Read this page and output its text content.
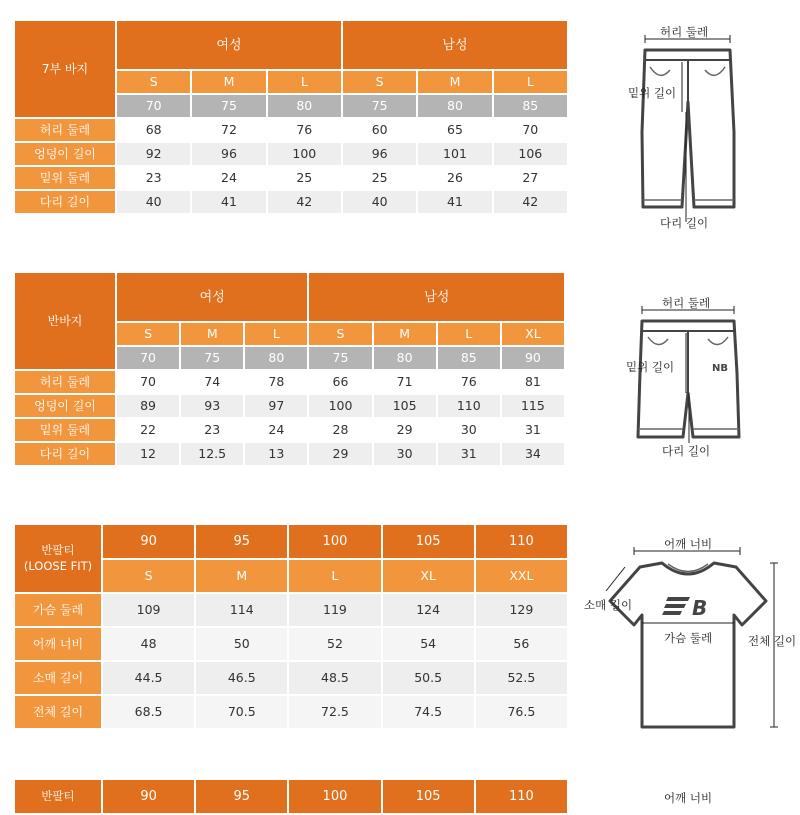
7부 바지	여성			남성		
	S	M	L	S	M	L
	70	75	80	75	80	85
허리 둘레	68	72	76	60	65	70
엉덩이 길이	92	96	100	96	101	106
밑위 둘레	23	24	25	25	26	27
다리 길이	40	41	42	40	41	42
허리 둘레
밑위 길이
다리 길이
반바지	여성			남성			
	S	M	L	S	M	L	XL
	70	75	80	75	80	85	90
허리 둘레	70	74	78	66	71	76	81
엉덩이 길이	89	93	97	100	105	110	115
밑위 둘레	22	23	24	28	29	30	31
다리 길이	12	12.5	13	29	30	31	34
NB
허리 둘레
밑위 길이
다리 길이
반팔티
(LOOSE FIT)	90	95	100	105	110
	S	M	L	XL	XXL
가슴 둘레	109	114	119	124	129
어깨 너비	48	50	52	54	56
소매 길이	44.5	46.5	48.5	50.5	52.5
전체 길이	68.5	70.5	72.5	74.5	76.5
B
어깨 너비
소매 길이
가슴 둘레	전체 길이
반팔티	90	95	100	105	110	어깨 너비
